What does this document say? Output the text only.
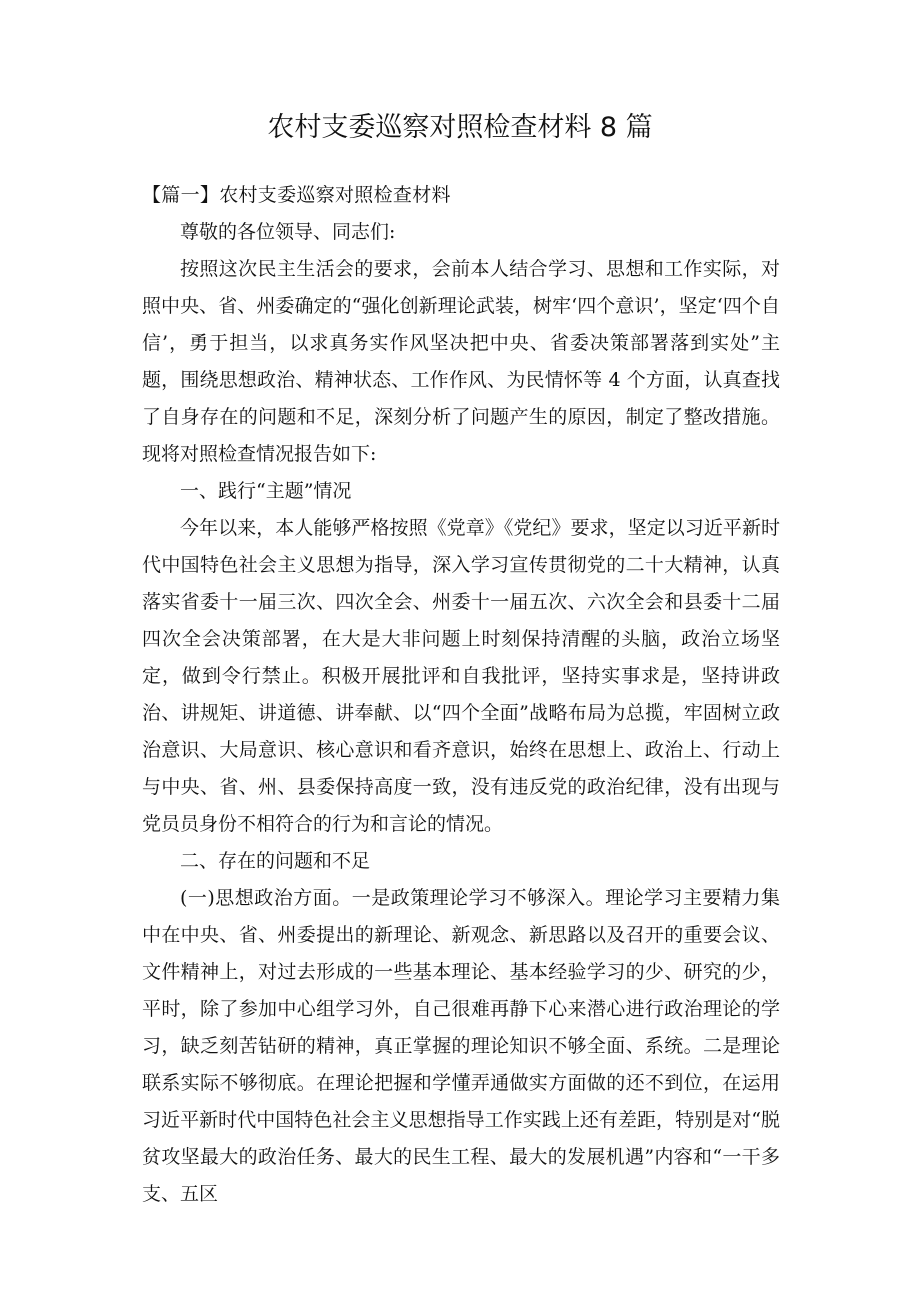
农村支委巡察对照检查材料 8 篇

【篇一】农村支委巡察对照检查材料

尊敬的各位领导、同志们:

按照这次民主生活会的要求，会前本人结合学习、思想和工作实际，对照中央、省、州委确定的“强化创新理论武装，树牢‘四个意识’，坚定‘四个自信’，勇于担当，以求真务实作风坚决把中央、省委决策部署落到实处”主题，围绕思想政治、精神状态、工作作风、为民情怀等 4 个方面，认真查找了自身存在的问题和不足，深刻分析了问题产生的原因，制定了整改措施。现将对照检查情况报告如下:

一、践行“主题”情况

今年以来，本人能够严格按照《党章》《党纪》要求，坚定以习近平新时代中国特色社会主义思想为指导，深入学习宣传贯彻党的二十大精神，认真落实省委十一届三次、四次全会、州委十一届五次、六次全会和县委十二届四次全会决策部署，在大是大非问题上时刻保持清醒的头脑，政治立场坚定，做到令行禁止。积极开展批评和自我批评，坚持实事求是，坚持讲政治、讲规矩、讲道德、讲奉献、以“四个全面”战略布局为总揽，牢固树立政治意识、大局意识、核心意识和看齐意识，始终在思想上、政治上、行动上与中央、省、州、县委保持高度一致，没有违反党的政治纪律，没有出现与党员员身份不相符合的行为和言论的情况。

二、存在的问题和不足

(一)思想政治方面。一是政策理论学习不够深入。理论学习主要精力集中在中央、省、州委提出的新理论、新观念、新思路以及召开的重要会议、文件精神上，对过去形成的一些基本理论、基本经验学习的少、研究的少，平时，除了参加中心组学习外，自己很难再静下心来潜心进行政治理论的学习，缺乏刻苦钻研的精神，真正掌握的理论知识不够全面、系统。二是理论联系实际不够彻底。在理论把握和学懂弄通做实方面做的还不到位，在运用习近平新时代中国特色社会主义思想指导工作实践上还有差距，特别是对“脱贫攻坚最大的政治任务、最大的民生工程、最大的发展机遇”内容和“一干多支、五区
